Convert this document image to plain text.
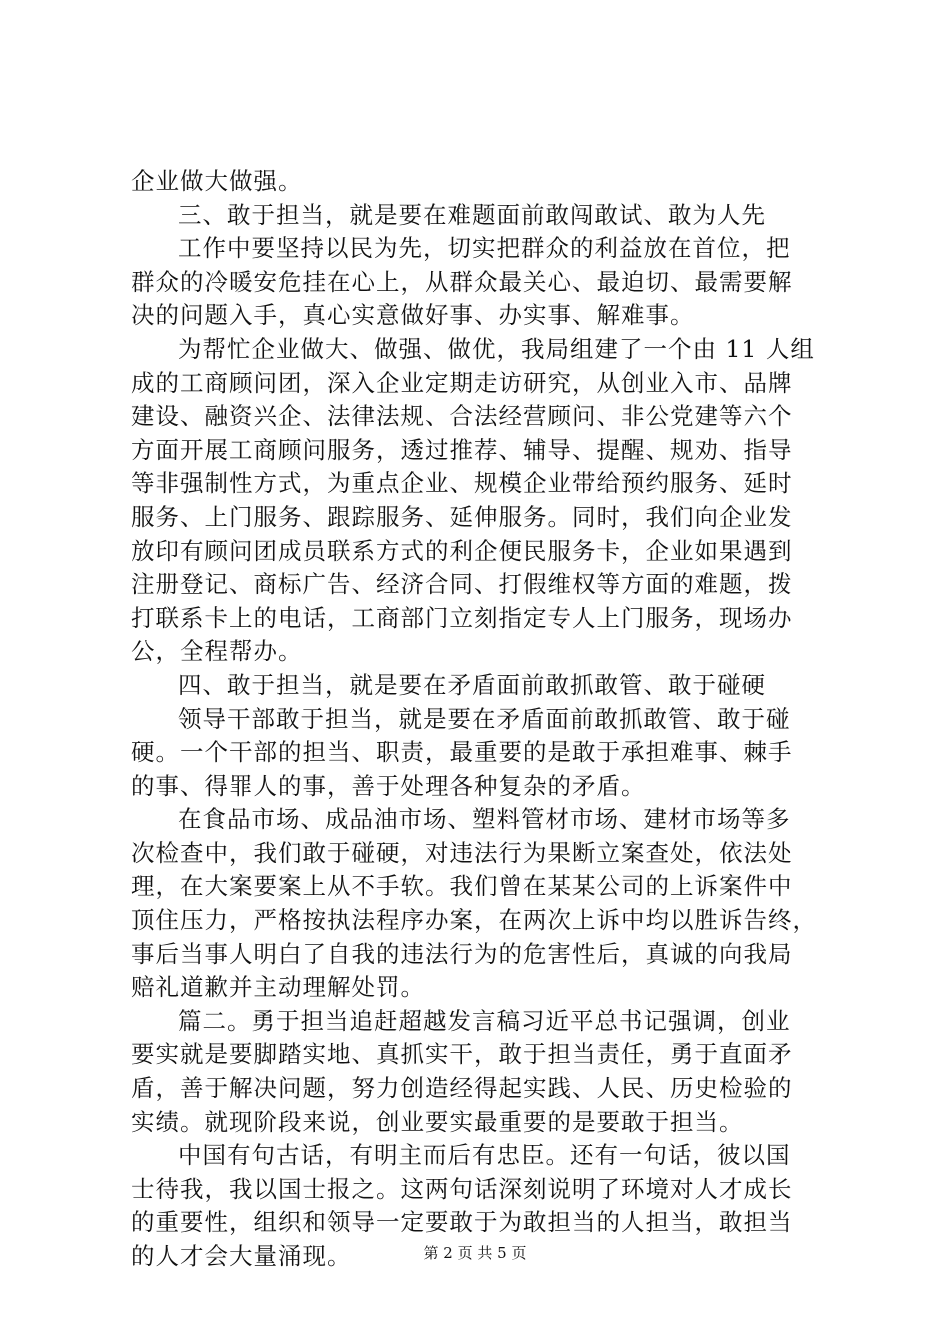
企业做大做强。
三、敢于担当，就是要在难题面前敢闯敢试、敢为人先
工作中要坚持以民为先，切实把群众的利益放在首位，把
群众的冷暖安危挂在心上，从群众最关心、最迫切、最需要解
决的问题入手，真心实意做好事、办实事、解难事。
为帮忙企业做大、做强、做优，我局组建了一个由 11 人组
成的工商顾问团，深入企业定期走访研究，从创业入市、品牌
建设、融资兴企、法律法规、合法经营顾问、非公党建等六个
方面开展工商顾问服务，透过推荐、辅导、提醒、规劝、指导
等非强制性方式，为重点企业、规模企业带给预约服务、延时
服务、上门服务、跟踪服务、延伸服务。同时，我们向企业发
放印有顾问团成员联系方式的利企便民服务卡，企业如果遇到
注册登记、商标广告、经济合同、打假维权等方面的难题，拨
打联系卡上的电话，工商部门立刻指定专人上门服务，现场办
公，全程帮办。
四、敢于担当，就是要在矛盾面前敢抓敢管、敢于碰硬
领导干部敢于担当，就是要在矛盾面前敢抓敢管、敢于碰
硬。一个干部的担当、职责，最重要的是敢于承担难事、棘手
的事、得罪人的事，善于处理各种复杂的矛盾。
在食品市场、成品油市场、塑料管材市场、建材市场等多
次检查中，我们敢于碰硬，对违法行为果断立案查处，依法处
理，在大案要案上从不手软。我们曾在某某公司的上诉案件中
顶住压力，严格按执法程序办案，在两次上诉中均以胜诉告终，
事后当事人明白了自我的违法行为的危害性后，真诚的向我局
赔礼道歉并主动理解处罚。
篇二。勇于担当追赶超越发言稿习近平总书记强调，创业
要实就是要脚踏实地、真抓实干，敢于担当责任，勇于直面矛
盾，善于解决问题，努力创造经得起实践、人民、历史检验的
实绩。就现阶段来说，创业要实最重要的是要敢于担当。
中国有句古话，有明主而后有忠臣。还有一句话，彼以国
士待我，我以国士报之。这两句话深刻说明了环境对人才成长
的重要性，组织和领导一定要敢于为敢担当的人担当，敢担当
的人才会大量涌现。	第 2 页 共 5 页
